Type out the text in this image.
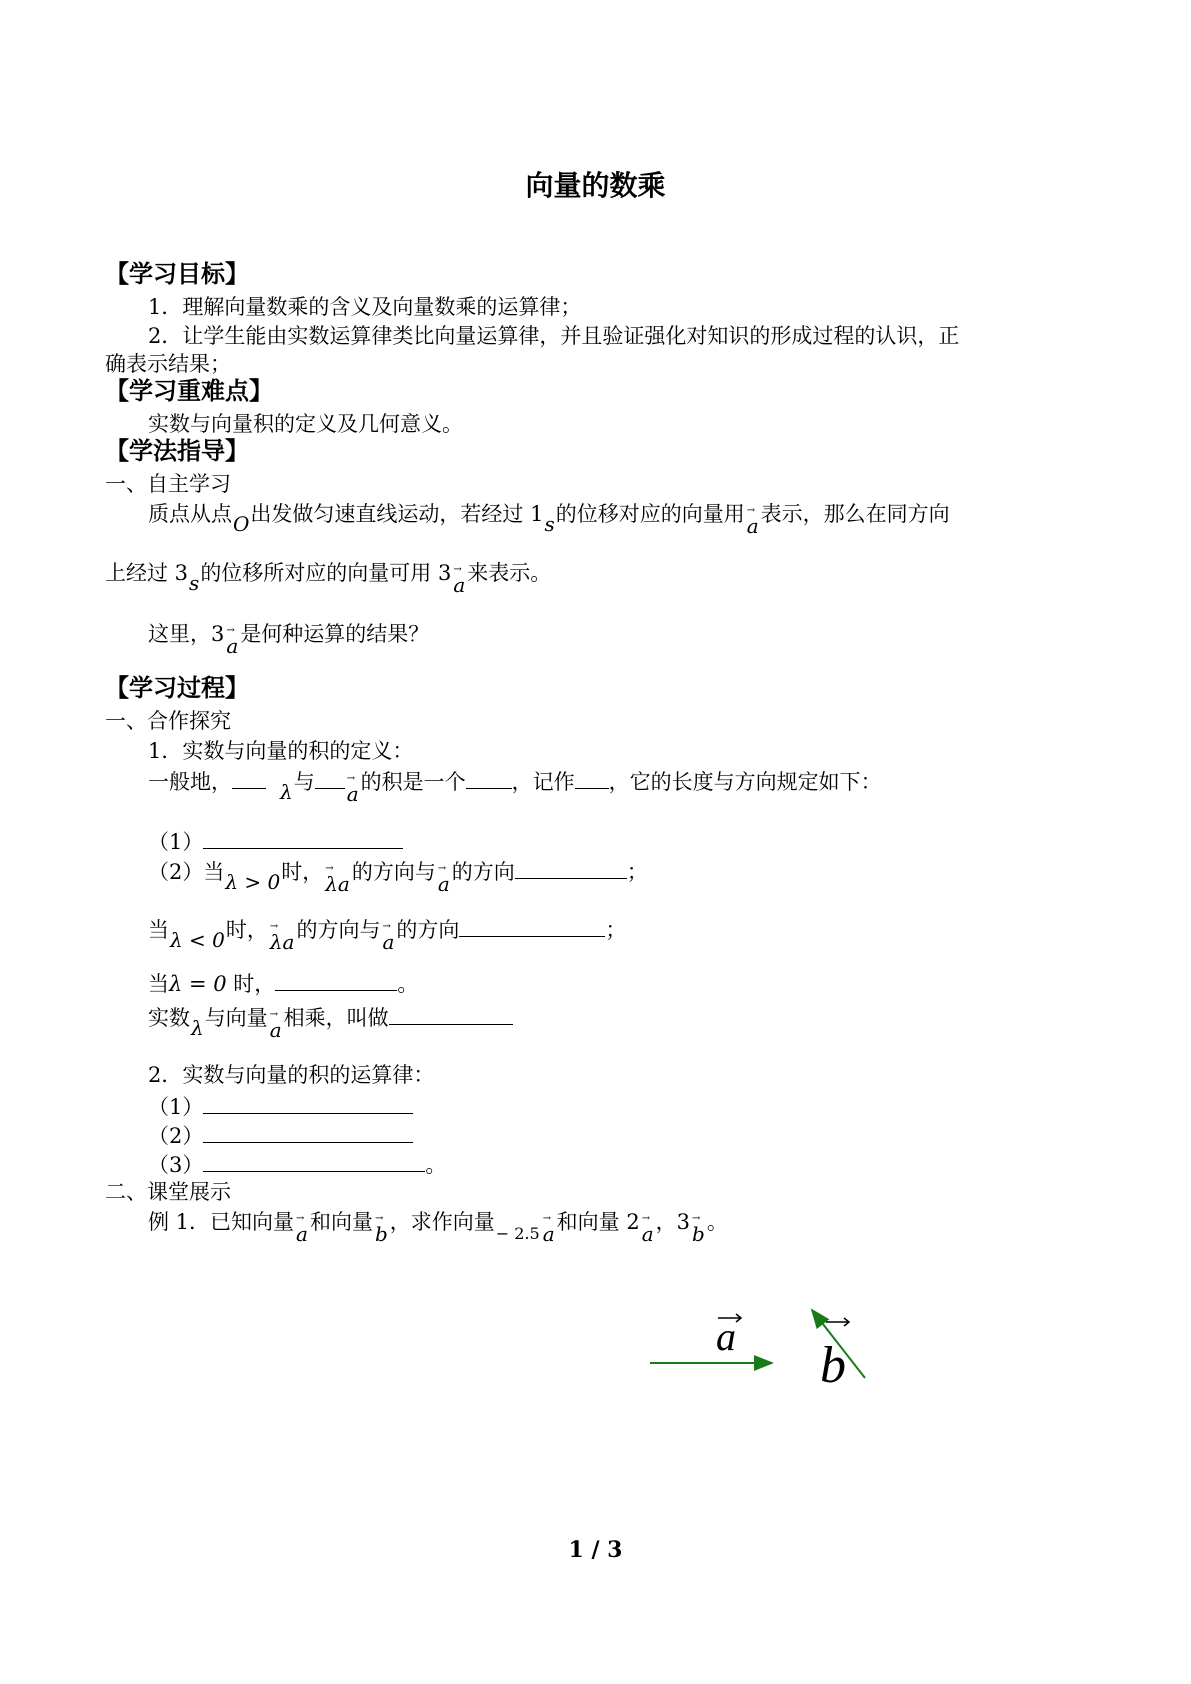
向量的数乘
【学习目标】
1．理解向量数乘的含义及向量数乘的运算律；
2．让学生能由实数运算律类比向量运算律，并且验证强化对知识的形成过程的认识，正
确表示结果；
【学习重难点】
实数与向量积的定义及几何意义。
【学法指导】
一、自主学习
质点从点O出发做匀速直线运动，若经过 1s的位移对应的向量用 → a表示，那么在同方向
上经过 3s的位移所对应的向量可用 3 → a来表示。
这里，3 → a是何种运算的结果？
【学习过程】
一、合作探究
1．实数与向量的积的定义：
一般地， λ与 → a的积是一个 ，记作 ，它的长度与方向规定如下：
（1）
（2）当λ > 0时， → λa的方向与 → a的方向	；
当λ < 0时， → λa的方向与 → a的方向	；
当λ = 0 时，	。
实数λ与向量 → a相乘，叫做
2．实数与向量的积的运算律：
（1）
（2）
（3）	。
二、课堂展示
例 1．已知向量 → a和向量 → b，求作向量$_{- 2.5}$ → a和向量 2 → a，3 → b。
a
b
1 / 3
